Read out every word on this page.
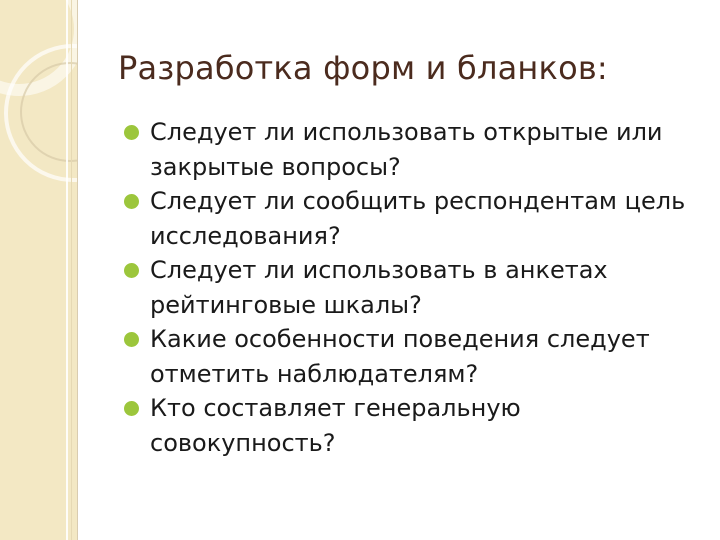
Разработка форм и бланков:
Следует ли использовать открытые или закрытые вопросы?
Следует ли сообщить респондентам цель исследования?
Следует ли использовать в анкетах рейтинговые шкалы?
Какие особенности поведения следует отметить наблюдателям?
Кто составляет генеральную совокупность?
